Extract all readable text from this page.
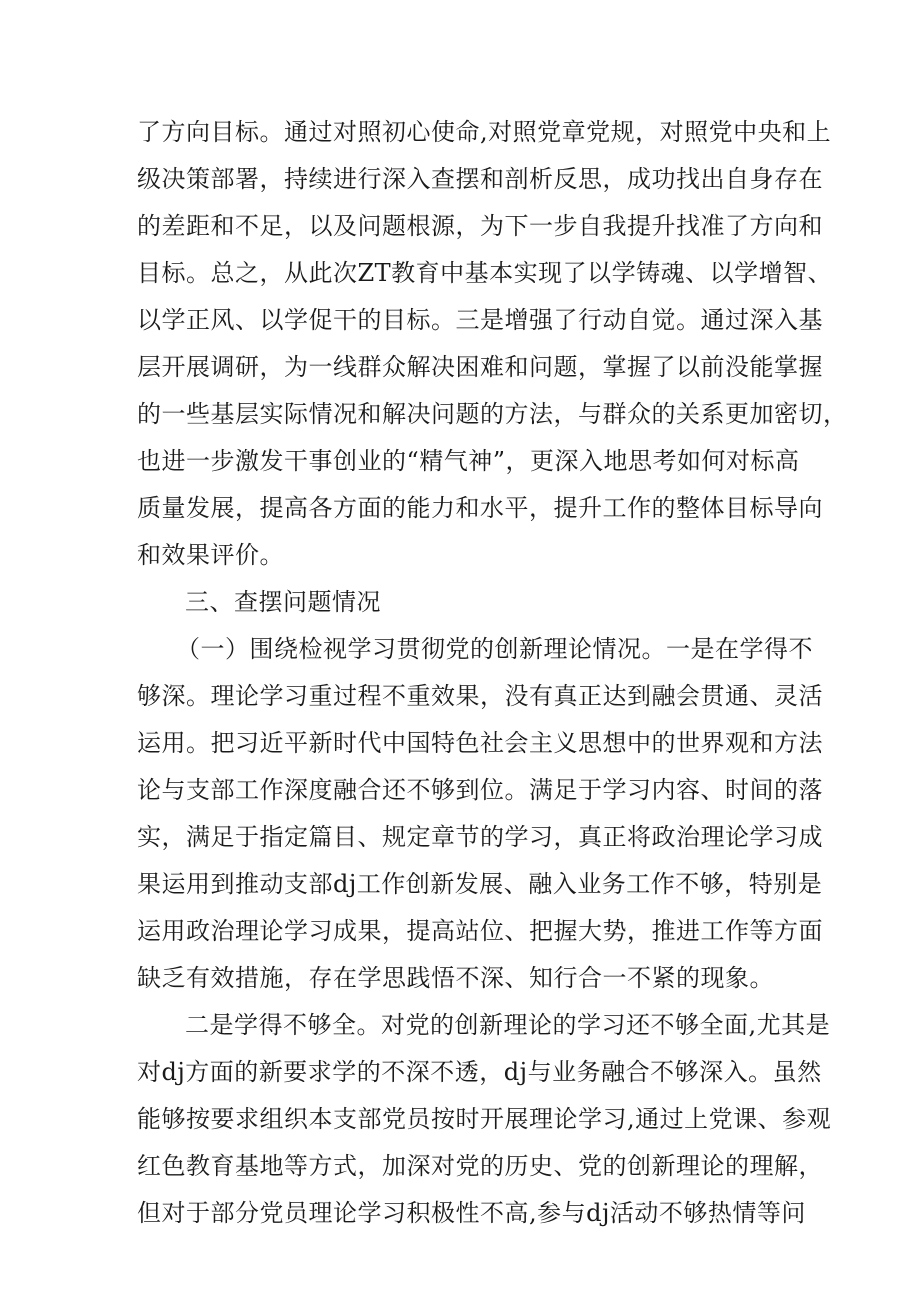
了方向目标。通过对照初心使命,对照党章党规，对照党中央和上
级决策部署，持续进行深入查摆和剖析反思，成功找出自身存在
的差距和不足，以及问题根源，为下一步自我提升找准了方向和
目标。总之，从此次ZT教育中基本实现了以学铸魂、以学增智、
以学正风、以学促干的目标。三是增强了行动自觉。通过深入基
层开展调研，为一线群众解决困难和问题，掌握了以前没能掌握
的一些基层实际情况和解决问题的方法，与群众的关系更加密切，
也进一步激发干事创业的“精气神”，更深入地思考如何对标高
质量发展，提高各方面的能力和水平，提升工作的整体目标导向
和效果评价。
三、查摆问题情况
（一）围绕检视学习贯彻党的创新理论情况。一是在学得不
够深。理论学习重过程不重效果，没有真正达到融会贯通、灵活
运用。把习近平新时代中国特色社会主义思想中的世界观和方法
论与支部工作深度融合还不够到位。满足于学习内容、时间的落
实，满足于指定篇目、规定章节的学习，真正将政治理论学习成
果运用到推动支部dj工作创新发展、融入业务工作不够，特别是
运用政治理论学习成果，提高站位、把握大势，推进工作等方面
缺乏有效措施，存在学思践悟不深、知行合一不紧的现象。
二是学得不够全。对党的创新理论的学习还不够全面,尤其是
对dj方面的新要求学的不深不透，dj与业务融合不够深入。虽然
能够按要求组织本支部党员按时开展理论学习,通过上党课、参观
红色教育基地等方式，加深对党的历史、党的创新理论的理解，
但对于部分党员理论学习积极性不高,参与dj活动不够热情等问
